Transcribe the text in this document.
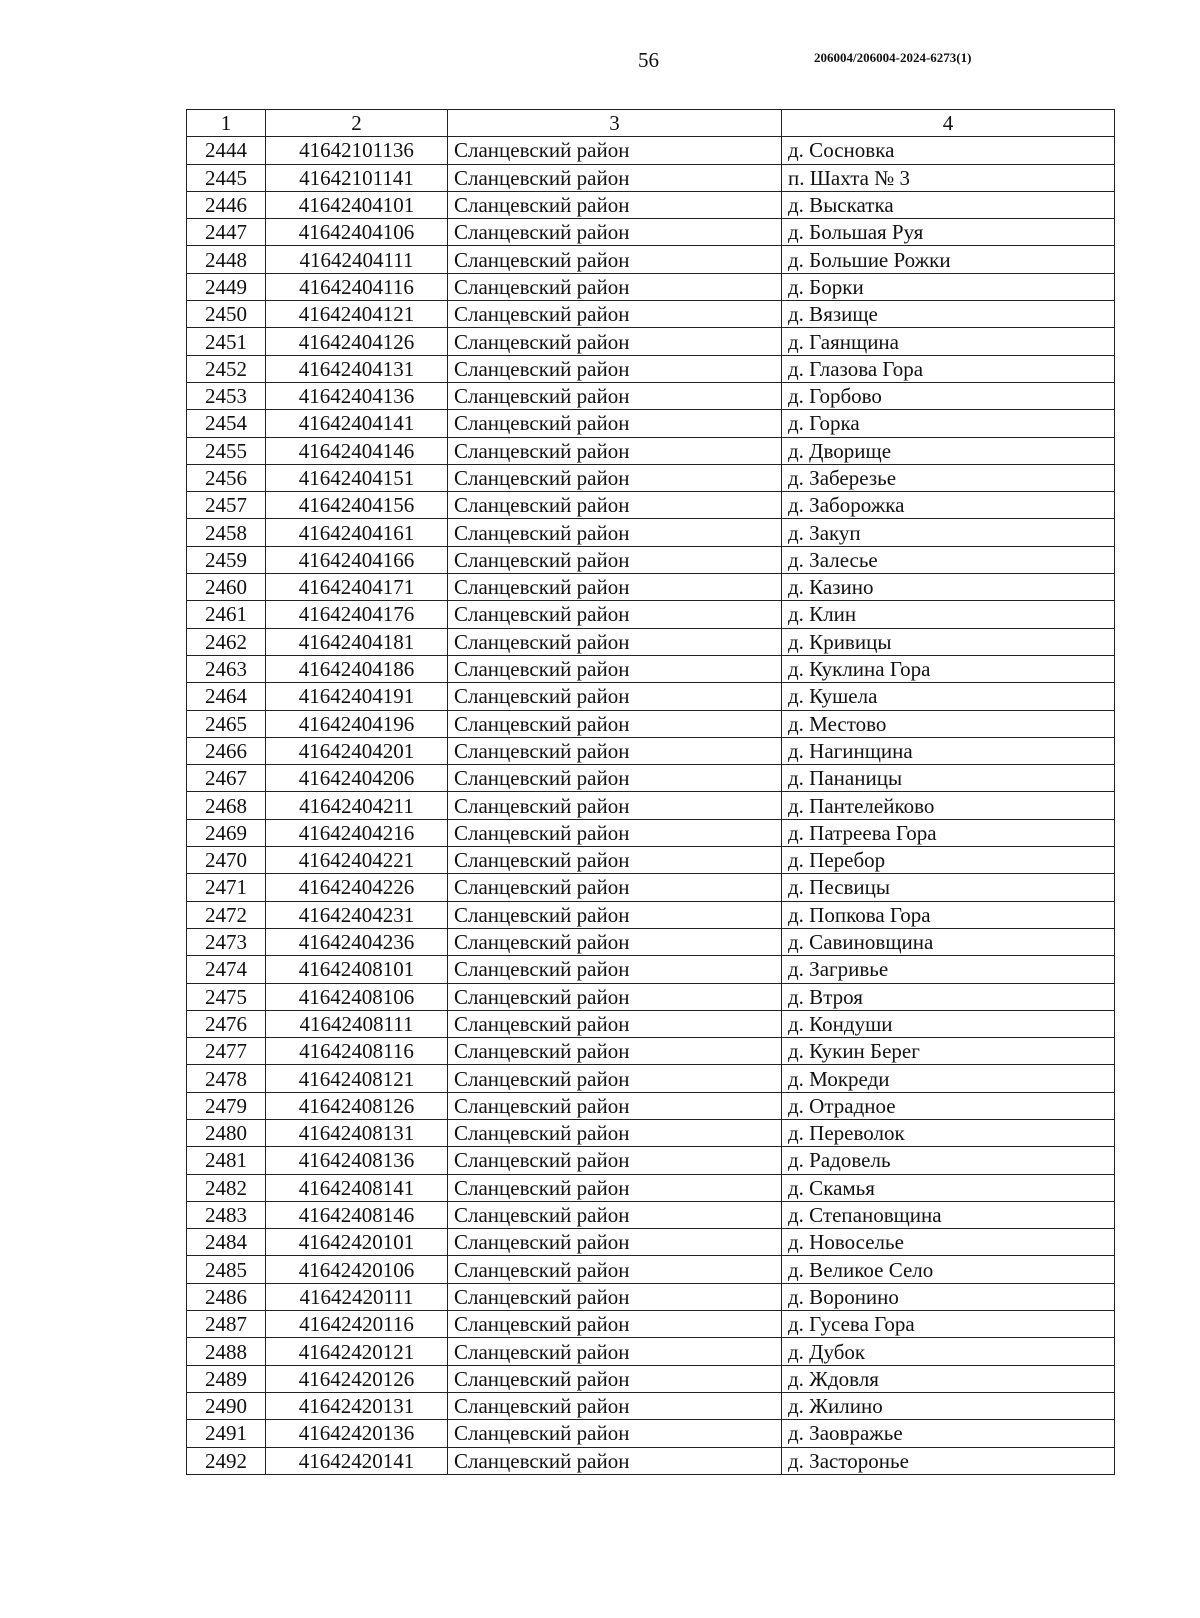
56	206004/206004-2024-6273(1)
1	2	3	4
2444	41642101136	Сланцевский район	д. Сосновка
2445	41642101141	Сланцевский район	п. Шахта № 3
2446	41642404101	Сланцевский район	д. Выскатка
2447	41642404106	Сланцевский район	д. Большая Руя
2448	41642404111	Сланцевский район	д. Большие Рожки
2449	41642404116	Сланцевский район	д. Борки
2450	41642404121	Сланцевский район	д. Вязище
2451	41642404126	Сланцевский район	д. Гаянщина
2452	41642404131	Сланцевский район	д. Глазова Гора
2453	41642404136	Сланцевский район	д. Горбово
2454	41642404141	Сланцевский район	д. Горка
2455	41642404146	Сланцевский район	д. Дворище
2456	41642404151	Сланцевский район	д. Заберезье
2457	41642404156	Сланцевский район	д. Заборожка
2458	41642404161	Сланцевский район	д. Закуп
2459	41642404166	Сланцевский район	д. Залесье
2460	41642404171	Сланцевский район	д. Казино
2461	41642404176	Сланцевский район	д. Клин
2462	41642404181	Сланцевский район	д. Кривицы
2463	41642404186	Сланцевский район	д. Куклина Гора
2464	41642404191	Сланцевский район	д. Кушела
2465	41642404196	Сланцевский район	д. Местово
2466	41642404201	Сланцевский район	д. Нагинщина
2467	41642404206	Сланцевский район	д. Пананицы
2468	41642404211	Сланцевский район	д. Пантелейково
2469	41642404216	Сланцевский район	д. Патреева Гора
2470	41642404221	Сланцевский район	д. Перебор
2471	41642404226	Сланцевский район	д. Песвицы
2472	41642404231	Сланцевский район	д. Попкова Гора
2473	41642404236	Сланцевский район	д. Савиновщина
2474	41642408101	Сланцевский район	д. Загривье
2475	41642408106	Сланцевский район	д. Втроя
2476	41642408111	Сланцевский район	д. Кондуши
2477	41642408116	Сланцевский район	д. Кукин Берег
2478	41642408121	Сланцевский район	д. Мокреди
2479	41642408126	Сланцевский район	д. Отрадное
2480	41642408131	Сланцевский район	д. Переволок
2481	41642408136	Сланцевский район	д. Радовель
2482	41642408141	Сланцевский район	д. Скамья
2483	41642408146	Сланцевский район	д. Степановщина
2484	41642420101	Сланцевский район	д. Новоселье
2485	41642420106	Сланцевский район	д. Великое Село
2486	41642420111	Сланцевский район	д. Воронино
2487	41642420116	Сланцевский район	д. Гусева Гора
2488	41642420121	Сланцевский район	д. Дубок
2489	41642420126	Сланцевский район	д. Ждовля
2490	41642420131	Сланцевский район	д. Жилино
2491	41642420136	Сланцевский район	д. Заовражье
2492	41642420141	Сланцевский район	д. Застороньe
